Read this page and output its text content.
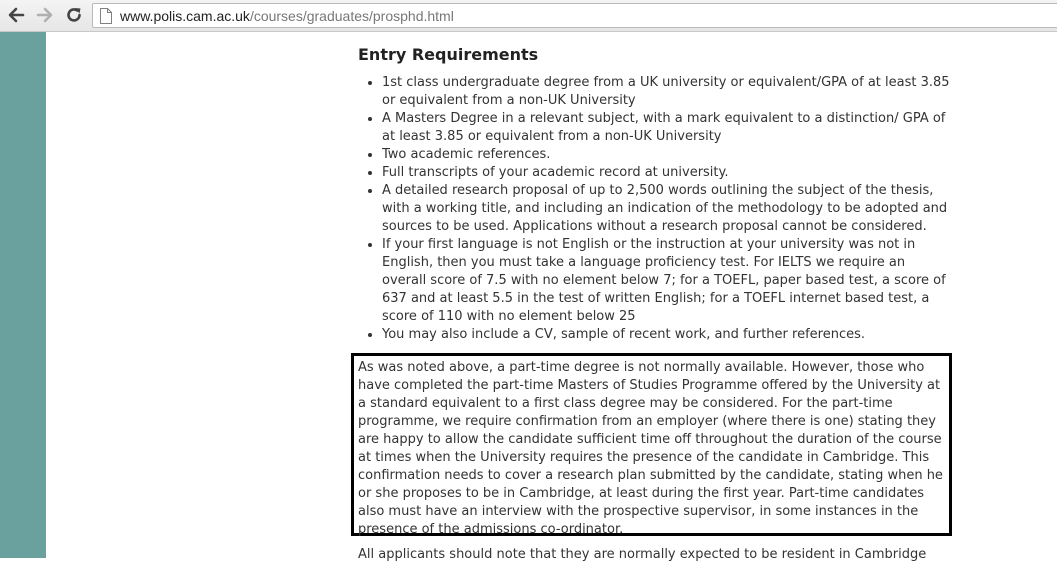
www.polis.cam.ac.uk/courses/graduates/prosphd.html
Entry Requirements
• 1st class undergraduate degree from a UK university or equivalent/GPA of at least 3.85 or equivalent from a non-UK University
• A Masters Degree in a relevant subject, with a mark equivalent to a distinction/ GPA of at least 3.85 or equivalent from a non-UK University
• Two academic references.
• Full transcripts of your academic record at university.
• A detailed research proposal of up to 2,500 words outlining the subject of the thesis, with a working title, and including an indication of the methodology to be adopted and sources to be used. Applications without a research proposal cannot be considered.
• If your first language is not English or the instruction at your university was not in English, then you must take a language proficiency test. For IELTS we require an overall score of 7.5 with no element below 7; for a TOEFL, paper based test, a score of 637 and at least 5.5 in the test of written English; for a TOEFL internet based test, a score of 110 with no element below 25
• You may also include a CV, sample of recent work, and further references.
As was noted above, a part-time degree is not normally available. However, those who have completed the part-time Masters of Studies Programme offered by the University at a standard equivalent to a first class degree may be considered. For the part-time programme, we require confirmation from an employer (where there is one) stating they are happy to allow the candidate sufficient time off throughout the duration of the course at times when the University requires the presence of the candidate in Cambridge. This confirmation needs to cover a research plan submitted by the candidate, stating when he or she proposes to be in Cambridge, at least during the first year. Part-time candidates also must have an interview with the prospective supervisor, in some instances in the presence of the admissions co-ordinator.
All applicants should note that they are normally expected to be resident in Cambridge
